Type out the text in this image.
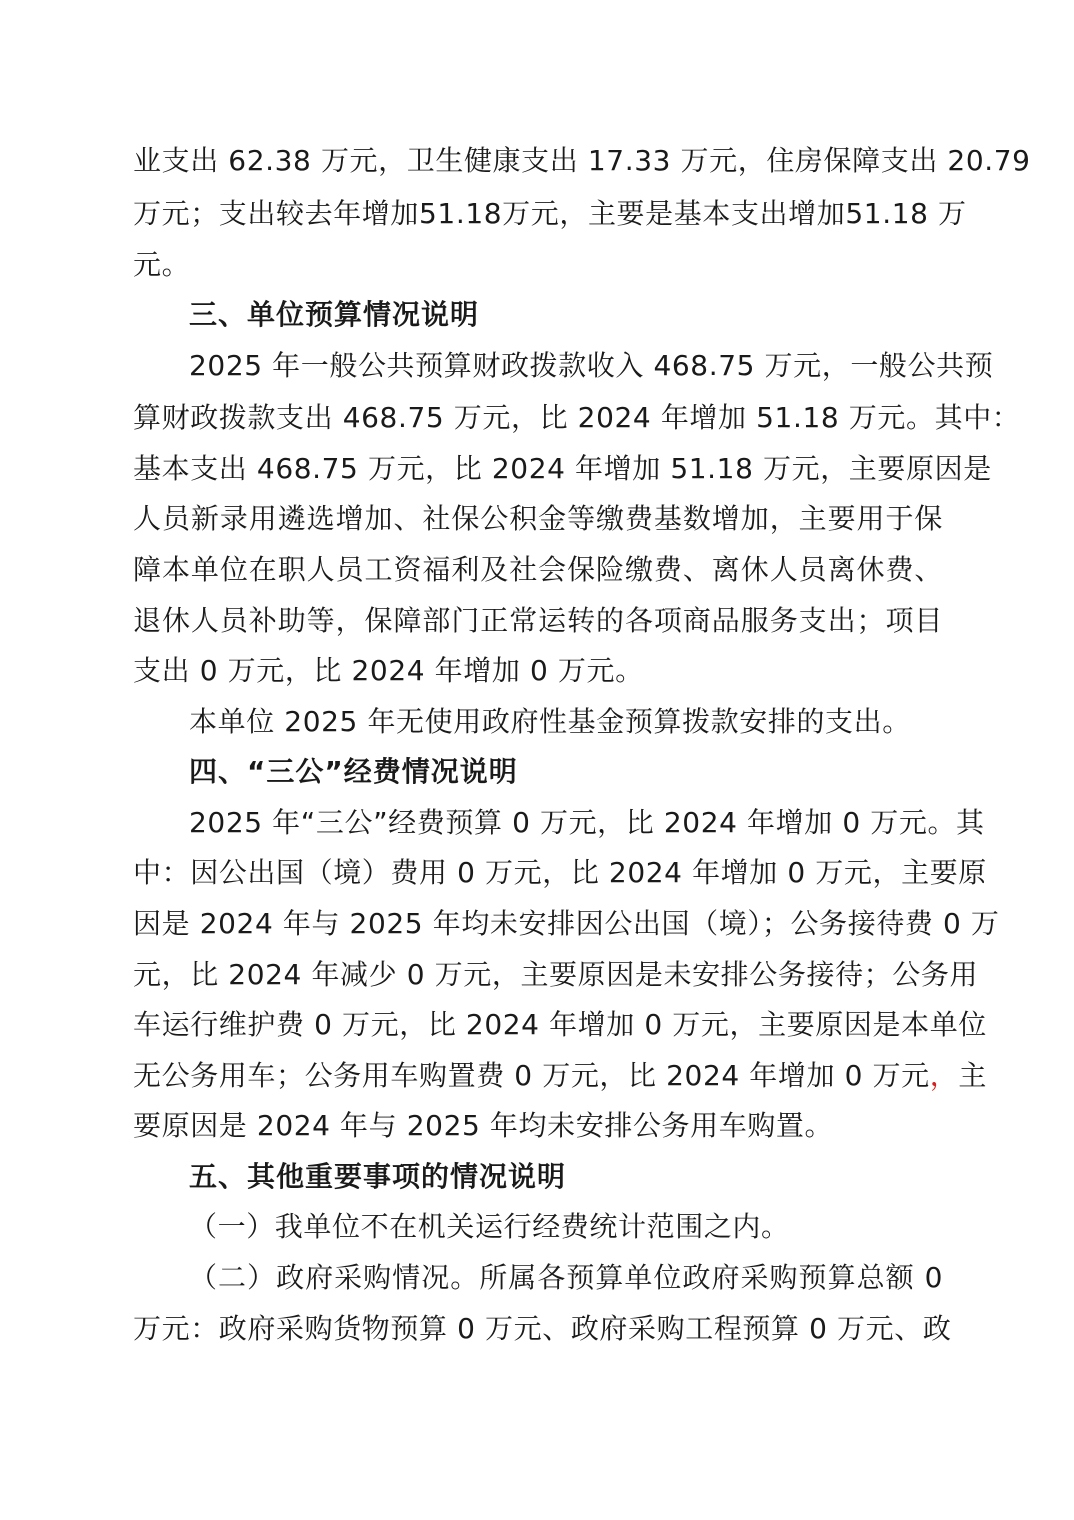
业支出 62.38 万元，卫生健康支出 17.33 万元，住房保障支出 20.79
万元；支出较去年增加51.18万元，主要是基本支出增加51.18 万
元。
三、单位预算情况说明
2025 年一般公共预算财政拨款收入 468.75 万元，一般公共预
算财政拨款支出 468.75 万元，比 2024 年增加 51.18 万元。其中：
基本支出 468.75 万元，比 2024 年增加 51.18 万元，主要原因是
人员新录用遴选增加、社保公积金等缴费基数增加，主要用于保
障本单位在职人员工资福利及社会保险缴费、离休人员离休费、
退休人员补助等，保障部门正常运转的各项商品服务支出；项目
支出 0 万元，比 2024 年增加 0 万元。
本单位 2025 年无使用政府性基金预算拨款安排的支出。
四、“三公”经费情况说明
2025 年“三公”经费预算 0 万元，比 2024 年增加 0 万元。其
中：因公出国（境）费用 0 万元，比 2024 年增加 0 万元，主要原
因是 2024 年与 2025 年均未安排因公出国（境）；公务接待费 0 万
元，比 2024 年减少 0 万元，主要原因是未安排公务接待；公务用
车运行维护费 0 万元，比 2024 年增加 0 万元，主要原因是本单位
无公务用车；公务用车购置费 0 万元，比 2024 年增加 0 万元 ， 主
要原因是 2024 年与 2025 年均未安排公务用车购置。
五、其他重要事项的情况说明
（一）我单位不在机关运行经费统计范围之内。
（二）政府采购情况。所属各预算单位政府采购预算总额 0
万元：政府采购货物预算 0 万元、政府采购工程预算 0 万元、政
